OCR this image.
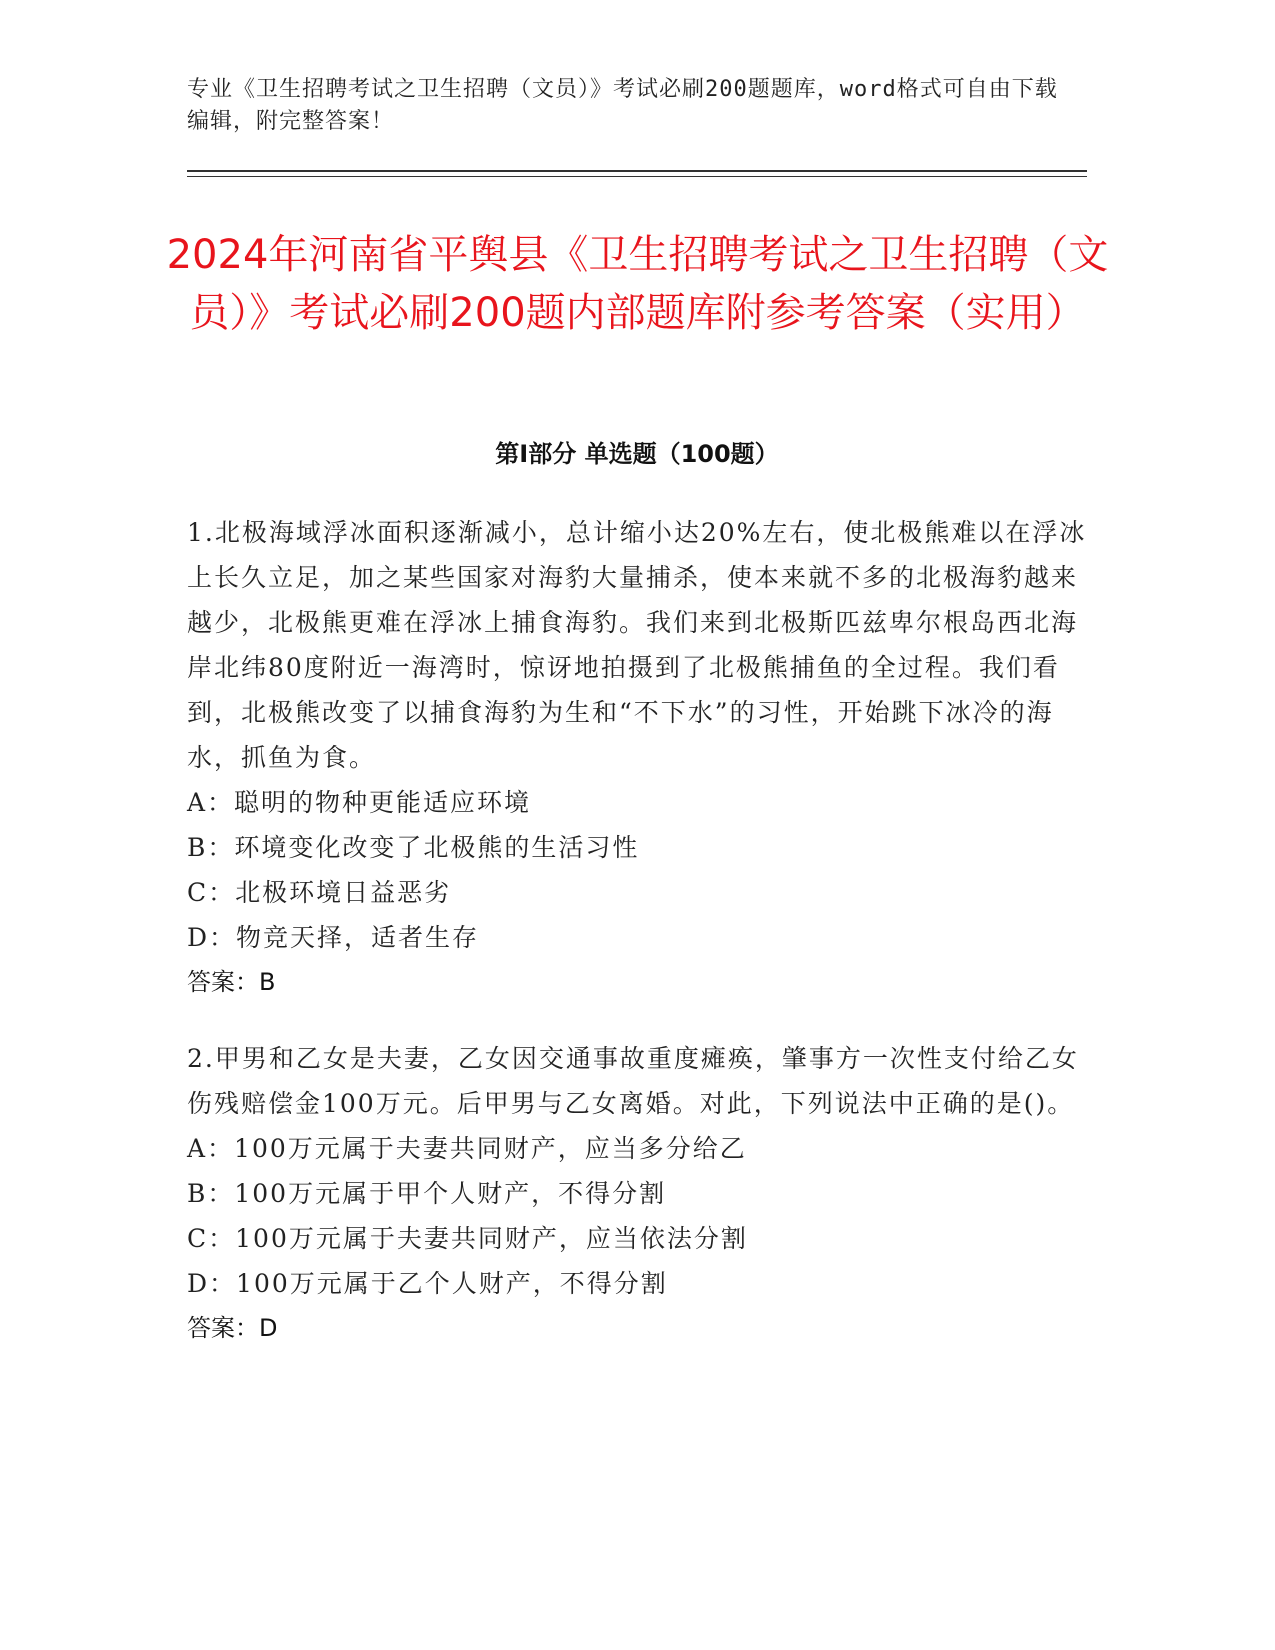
专业《卫生招聘考试之卫生招聘（文员）》考试必刷200题题库，word格式可自由下载编辑，附完整答案！
2024年河南省平舆县《卫生招聘考试之卫生招聘（文员）》考试必刷200题内部题库附参考答案（实用）
第Ⅰ部分 单选题（100题）

1.北极海域浮冰面积逐渐减小，总计缩小达20%左右，使北极熊难以在浮冰上长久立足，加之某些国家对海豹大量捕杀，使本来就不多的北极海豹越来越少，北极熊更难在浮冰上捕食海豹。我们来到北极斯匹兹卑尔根岛西北海岸北纬80度附近一海湾时，惊讶地拍摄到了北极熊捕鱼的全过程。我们看到，北极熊改变了以捕食海豹为生和“不下水”的习性，开始跳下冰冷的海水，抓鱼为食。

A：聪明的物种更能适应环境

B：环境变化改变了北极熊的生活习性

C：北极环境日益恶劣

D：物竞天择，适者生存

答案：B

2.甲男和乙女是夫妻，乙女因交通事故重度瘫痪，肇事方一次性支付给乙女伤残赔偿金100万元。后甲男与乙女离婚。对此，下列说法中正确的是()。

A：100万元属于夫妻共同财产，应当多分给乙

B：100万元属于甲个人财产，不得分割

C：100万元属于夫妻共同财产，应当依法分割

D：100万元属于乙个人财产，不得分割

答案：D
